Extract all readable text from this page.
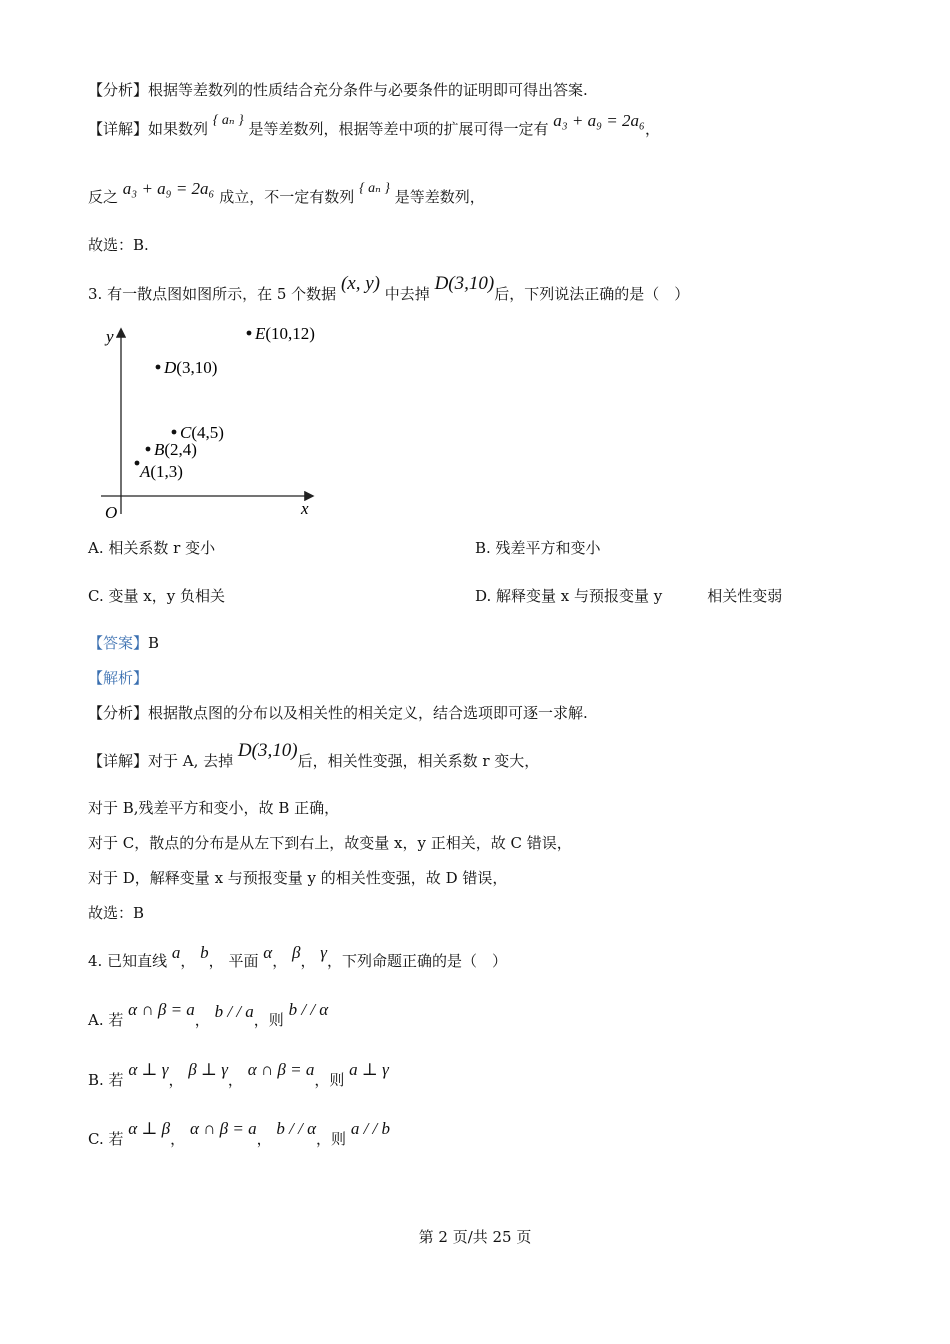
【分析】根据等差数列的性质结合充分条件与必要条件的证明即可得出答案.
【详解】如果数列 { aₙ } 是等差数列，根据等差中项的扩展可得一定有 a₃ + a₉ = 2a₆，
反之 a₃ + a₉ = 2a₆ 成立，不一定有数列 { aₙ } 是等差数列，
故选：B.
3. 有一散点图如图所示，在 5 个数据 (x, y) 中去掉 D(3,10)后，下列说法正确的是（　）
y
x
O
A(1,3)
B(2,4)
C(4,5)
D(3,10)
E(10,12)
A. 相关系数 r 变小	B. 残差平方和变小
C. 变量 x，y 负相关	D. 解释变量 x 与预报变量 y　　　相关性变弱
【答案】B
【解析】
【分析】根据散点图的分布以及相关性的相关定义，结合选项即可逐一求解.
【详解】对于 A, 去掉 D(3,10)后，相关性变强，相关系数 r 变大，
对于 B,残差平方和变小，故 B 正确，
对于 C，散点的分布是从左下到右上，故变量 x，y 正相关，故 C 错误，
对于 D，解释变量 x 与预报变量 y 的相关性变强，故 D 错误，
故选：B
4. 已知直线 a， b， 平面 α， β， γ，下列命题正确的是（　）
A. 若 α ∩ β = a， b / / a，则 b / / α
B. 若 α ⊥ γ， β ⊥ γ， α ∩ β = a，则 a ⊥ γ
C. 若 α ⊥ β， α ∩ β = a， b / / α，则 a / / b
第 2 页/共 25 页
